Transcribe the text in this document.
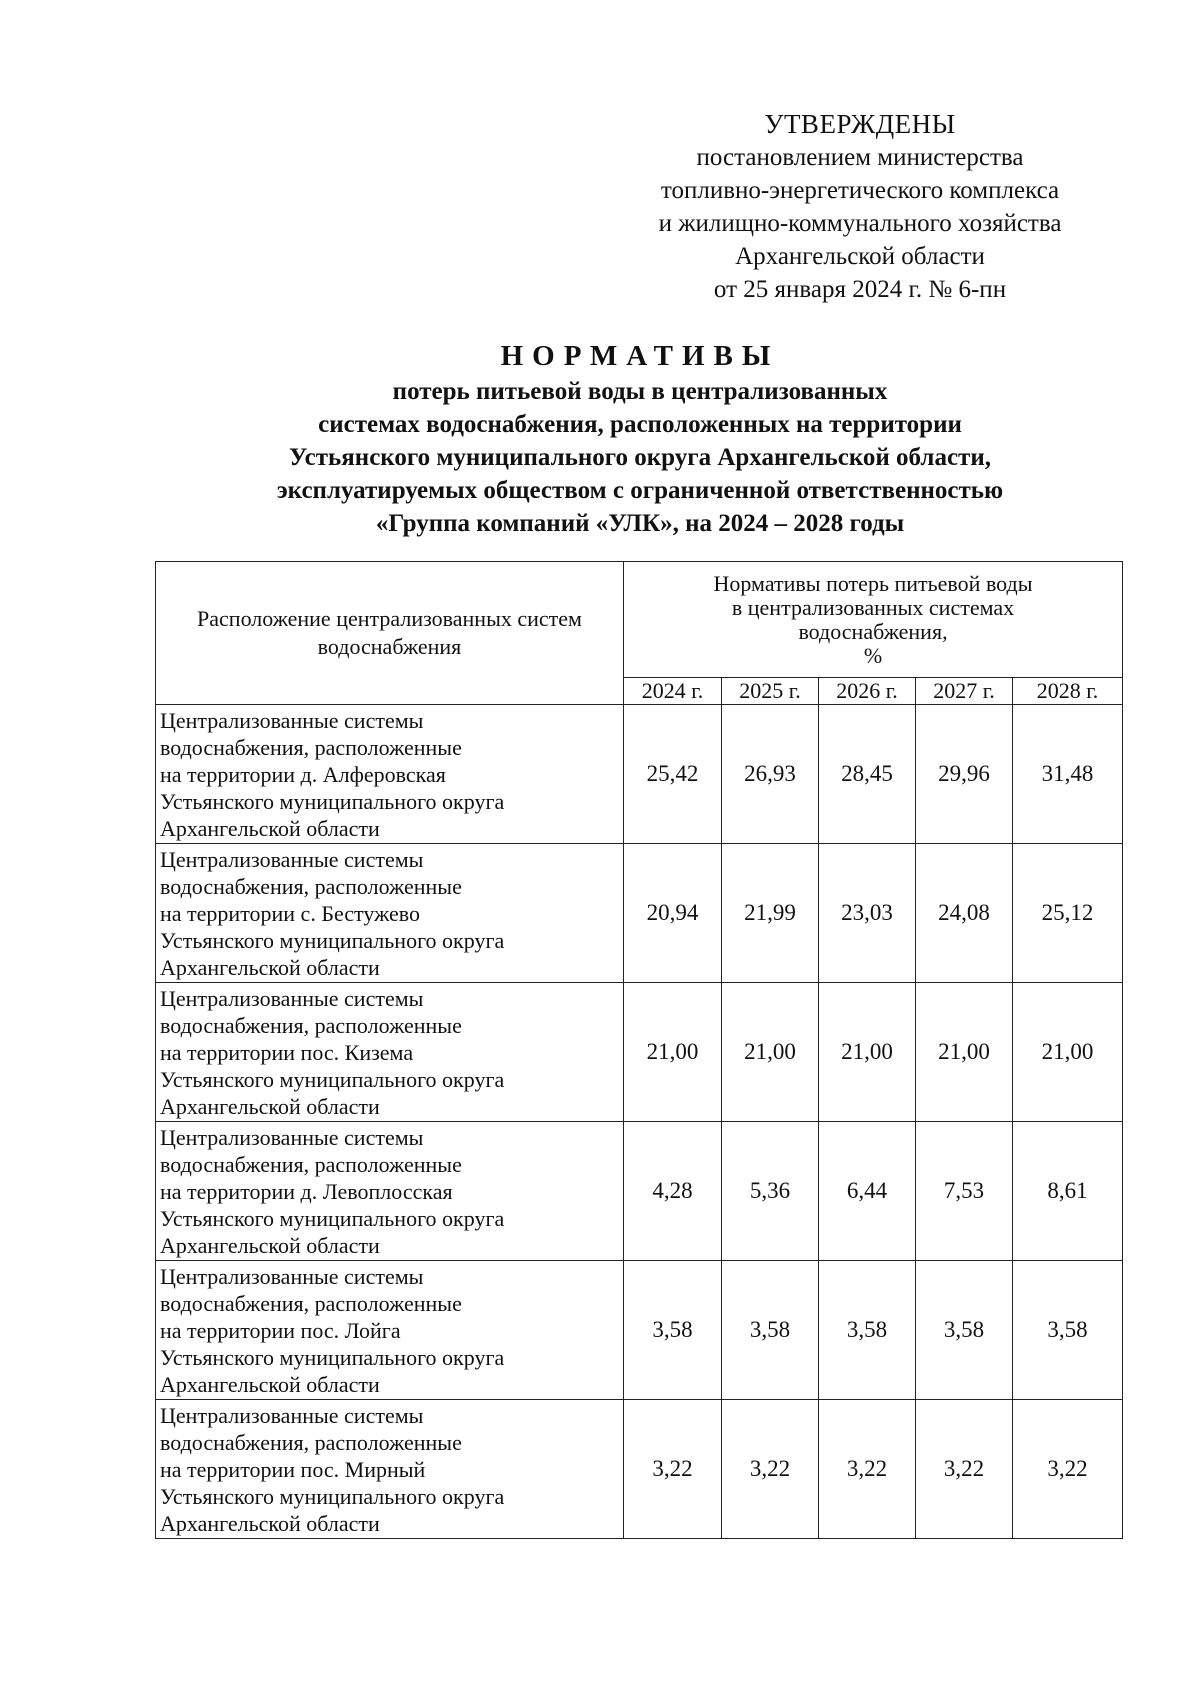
УТВЕРЖДЕНЫ
постановлением министерства
топливно-энергетического комплекса
и жилищно-коммунального хозяйства
Архангельской области
от 25 января 2024 г. № 6-пн
НОРМАТИВЫ
потерь питьевой воды в централизованных
системах водоснабжения, расположенных на территории
Устьянского муниципального округа Архангельской области,
эксплуатируемых обществом с ограниченной ответственностью
«Группа компаний «УЛК», на 2024 – 2028 годы
Расположение централизованных систем водоснабжения	Нормативы потерь питьевой воды
в централизованных системах
водоснабжения,
%				

	2024 г.	2025 г.	2026 г.	2027 г.	2028 г.

Централизованные системы
водоснабжения, расположенные
на территории д. Алферовская
Устьянского муниципального округа
Архангельской области	25,42	26,93	28,45	29,96	31,48

Централизованные системы
водоснабжения, расположенные
на территории с. Бестужево
Устьянского муниципального округа
Архангельской области	20,94	21,99	23,03	24,08	25,12

Централизованные системы
водоснабжения, расположенные
на территории пос. Кизема
Устьянского муниципального округа
Архангельской области	21,00	21,00	21,00	21,00	21,00

Централизованные системы
водоснабжения, расположенные
на территории д. Левоплосская
Устьянского муниципального округа
Архангельской области	4,28	5,36	6,44	7,53	8,61

Централизованные системы
водоснабжения, расположенные
на территории пос. Лойга
Устьянского муниципального округа
Архангельской области	3,58	3,58	3,58	3,58	3,58

Централизованные системы
водоснабжения, расположенные
на территории пос. Мирный
Устьянского муниципального округа
Архангельской области	3,22	3,22	3,22	3,22	3,22
